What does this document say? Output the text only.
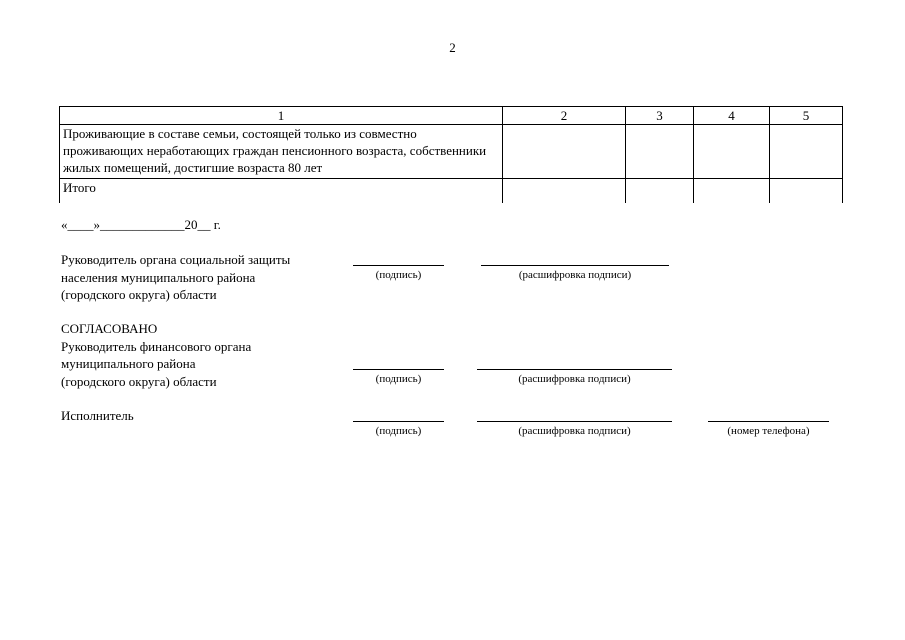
2
1	2	3	4	5
Проживающие в составе семьи, состоящей только из совместно проживающих неработающих граждан пенсионного возраста, собственники жилых помещений, достигшие возраста 80 лет				
Итого				
«____»_____________20__ г.
Руководитель органа социальной защиты
населения муниципального района
(городского округа) области
(подпись)	(расшифровка подписи)
СОГЛАСОВАНО
Руководитель финансового органа
муниципального района
(городского округа) области	(подпись)	(расшифровка подписи)
Исполнитель
(подпись)	(расшифровка подписи)	(номер телефона)
